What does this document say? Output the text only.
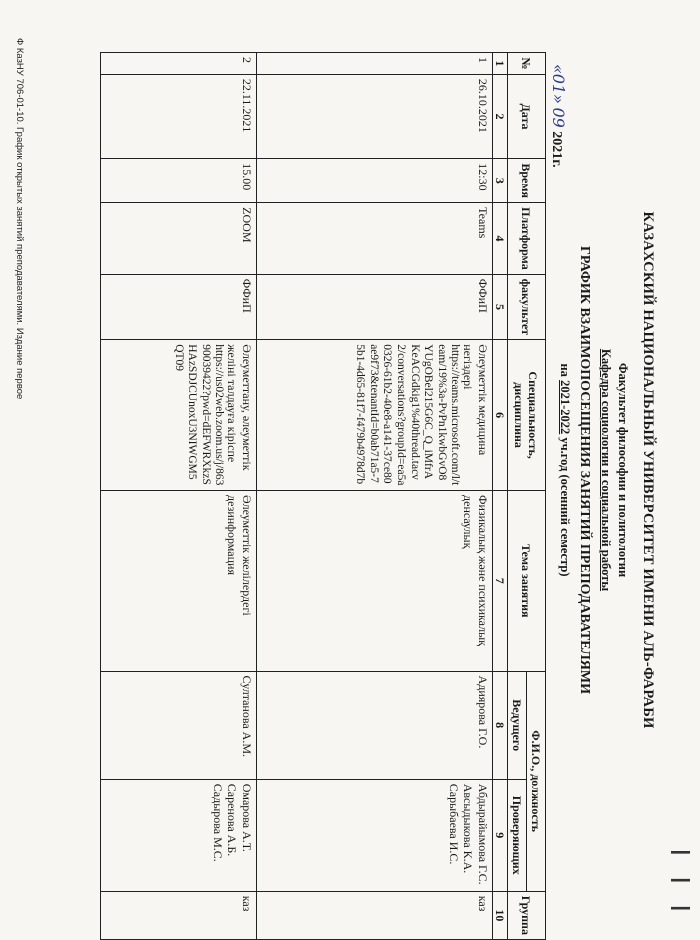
I I I
КАЗАХСКИЙ НАЦИОНАЛЬНЫЙ УНИВЕРСИТЕТ ИМЕНИ АЛЬ-ФАРАБИ
Факультет философии и политологии
Кафедра социологии и социальной работы
ГРАФИК ВЗАИМОПОСЕЩЕНИЯ ЗАНЯТИЙ ПРЕПОДАВАТЕЛЯМИ
на 2021-2022 уч.год (осенний семестр)
«01» 09 2021г.
№	Дата	Время	Платформа	факультет	Специальность, дисциплина	Тема занятия	Ф.И.О., должность		Группа
							Ведущего	Проверяющих	
1	2	3	4	5	6	7	8	9	10
1	26.10.2021	12:30	Teams	ФФиП	Әлеуметтік медицина негіздері
https://teams.microsoft.com/l/team/19%3a-PvPn1kwbGvO8YUgOBel215G6C_Q_iMfrAKeACGdkig1%40thread.tacv2/conversations?groupId=ea5a0326-61b2-40e8-a141-37ce80ae9f73&tenantId=b0ab71a5-75b1-4d65-81f7-f479b4978d7b	Физикалық және психикалық денсаулық	Адиярова Г.О.	Абдырайымова Г.С. Авсыдыкова К.А. Сарыбаева И.С.	каз
2	22.11.2021	15.00	ZOOM	ФФиП	Әлеуметтану, әлеуметтік желіні талдауға кіріспе
https://us02web.zoom.us/j/86390039422?pwd=dEFWRXkzSHAzSDJCUnoxU3NIWGM5QT09	Әлеуметтік желілердегі дезинформация	Султанова А.М.	Омарова А.Т. Саренова А.Б. Садырова М.С.	каз
Ф КазНУ 706-01-10. График открытых занятий преподавателями. Издание первое
